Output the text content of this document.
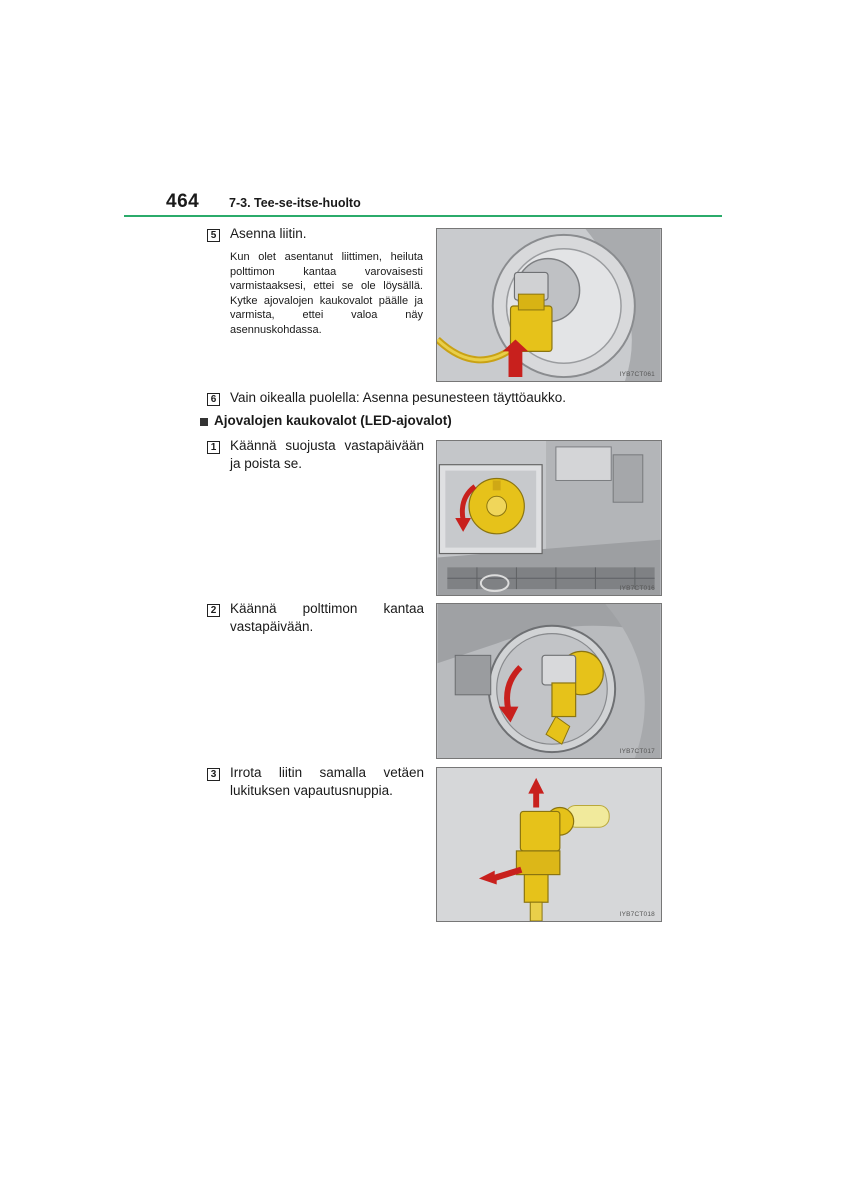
464 7-3. Tee-se-itse-huolto
5 Asenna liitin.
Kun olet asentanut liittimen, heiluta polttimon kantaa varovaisesti varmistaaksesi, ettei se ole löysällä. Kytke ajovalojen kaukovalot päälle ja varmista, ettei valoa näy asennuskohdassa.
IYB7CT061
6 Vain oikealla puolella: Asenna pesunesteen täyttöaukko.
Ajovalojen kaukovalot (LED-ajovalot)
1 Käännä suojusta vastapäivään ja poista se.
IYB7CT016
2 Käännä polttimon kantaa vastapäivään.
IYB7CT017
3 Irrota liitin samalla vetäen lukituksen vapautusnuppia.
IYB7CT018
